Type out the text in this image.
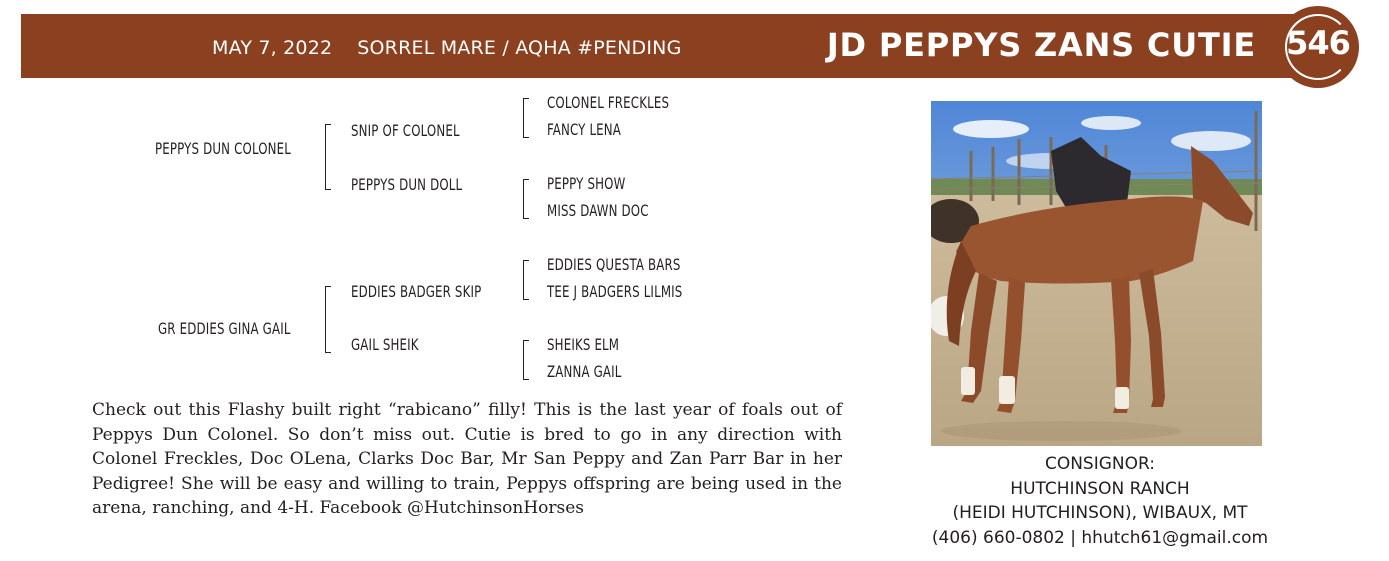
MAY 7, 2022 SORREL MARE / AQHA #PENDING	JD PEPPYS ZANS CUTIE 546
PEPPYS DUN COLONEL
SNIP OF COLONEL
PEPPYS DUN DOLL
COLONEL FRECKLES
FANCY LENA
PEPPY SHOW
MISS DAWN DOC
GR EDDIES GINA GAIL
EDDIES BADGER SKIP
GAIL SHEIK
EDDIES QUESTA BARS
TEE J BADGERS LILMIS
SHEIKS ELM
ZANNA GAIL

Check out this Flashy built right “rabicano” filly! This is the last year of foals out of Peppys Dun Colonel. So don’t miss out. Cutie is bred to go in any direction with Colonel Freckles, Doc OLena, Clarks Doc Bar, Mr San Peppy and Zan Parr Bar in her Pedigree! She will be easy and willing to train, Peppys offspring are being used in the arena, ranching, and 4-H. Facebook @HutchinsonHorses

CONSIGNOR:
HUTCHINSON RANCH
(HEIDI HUTCHINSON), WIBAUX, MT
(406) 660-0802 | hhutch61@gmail.com
